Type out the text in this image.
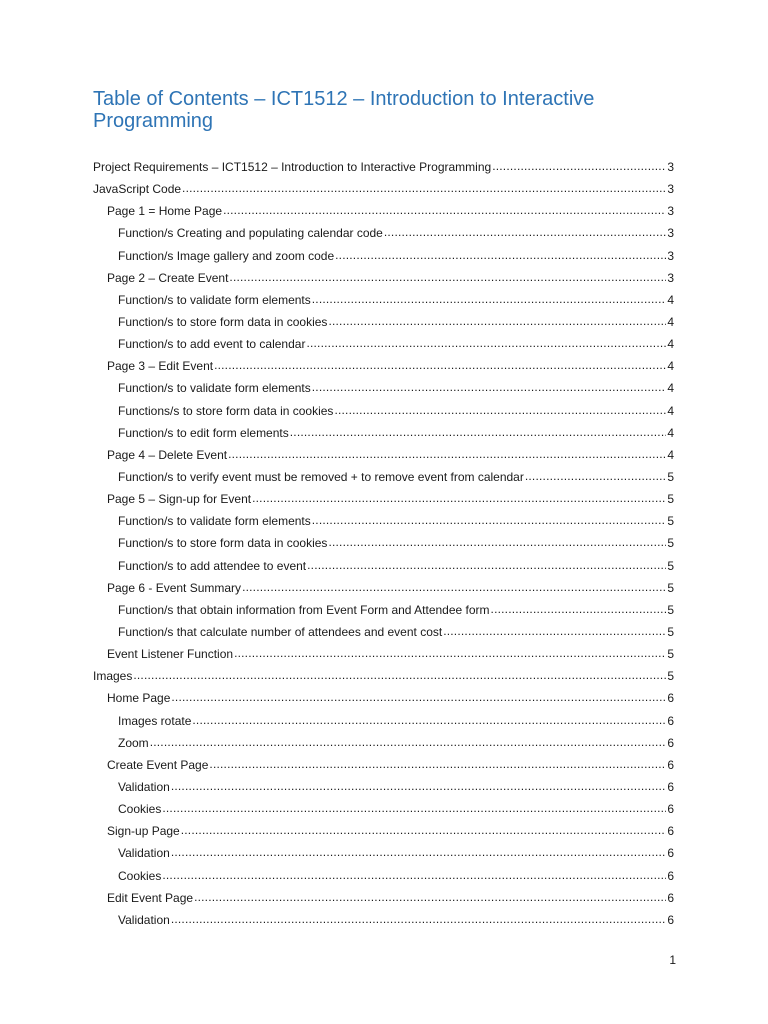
Table of Contents – ICT1512 – Introduction to Interactive Programming
Project Requirements – ICT1512 – Introduction to Interactive Programming .....	3
JavaScript Code .....	3
Page 1 = Home Page .....	3
Function/s Creating and populating calendar code .....	3
Function/s Image gallery and zoom code .....	3
Page 2 – Create Event .....	3
Function/s to validate form elements .....	4
Function/s to store form data in cookies .....	4
Function/s to add event to calendar .....	4
Page 3 – Edit Event .....	4
Function/s to validate form elements .....	4
Functions/s to store form data in cookies .....	4
Function/s to edit form elements .....	4
Page 4 – Delete Event .....	4
Function/s to verify event must be removed + to remove event from calendar .....	5
Page 5 – Sign-up for Event .....	5
Function/s to validate form elements .....	5
Function/s to store form data in cookies .....	5
Function/s to add attendee to event .....	5
Page 6 - Event Summary .....	5
Function/s that obtain information from Event Form and Attendee form .....	5
Function/s that calculate number of attendees and event cost .....	5
Event Listener Function .....	5
Images .....	5
Home Page .....	6
Images rotate .....	6
Zoom .....	6
Create Event Page .....	6
Validation .....	6
Cookies .....	6
Sign-up Page .....	6
Validation .....	6
Cookies .....	6
Edit Event Page .....	6
Validation .....	6
1
